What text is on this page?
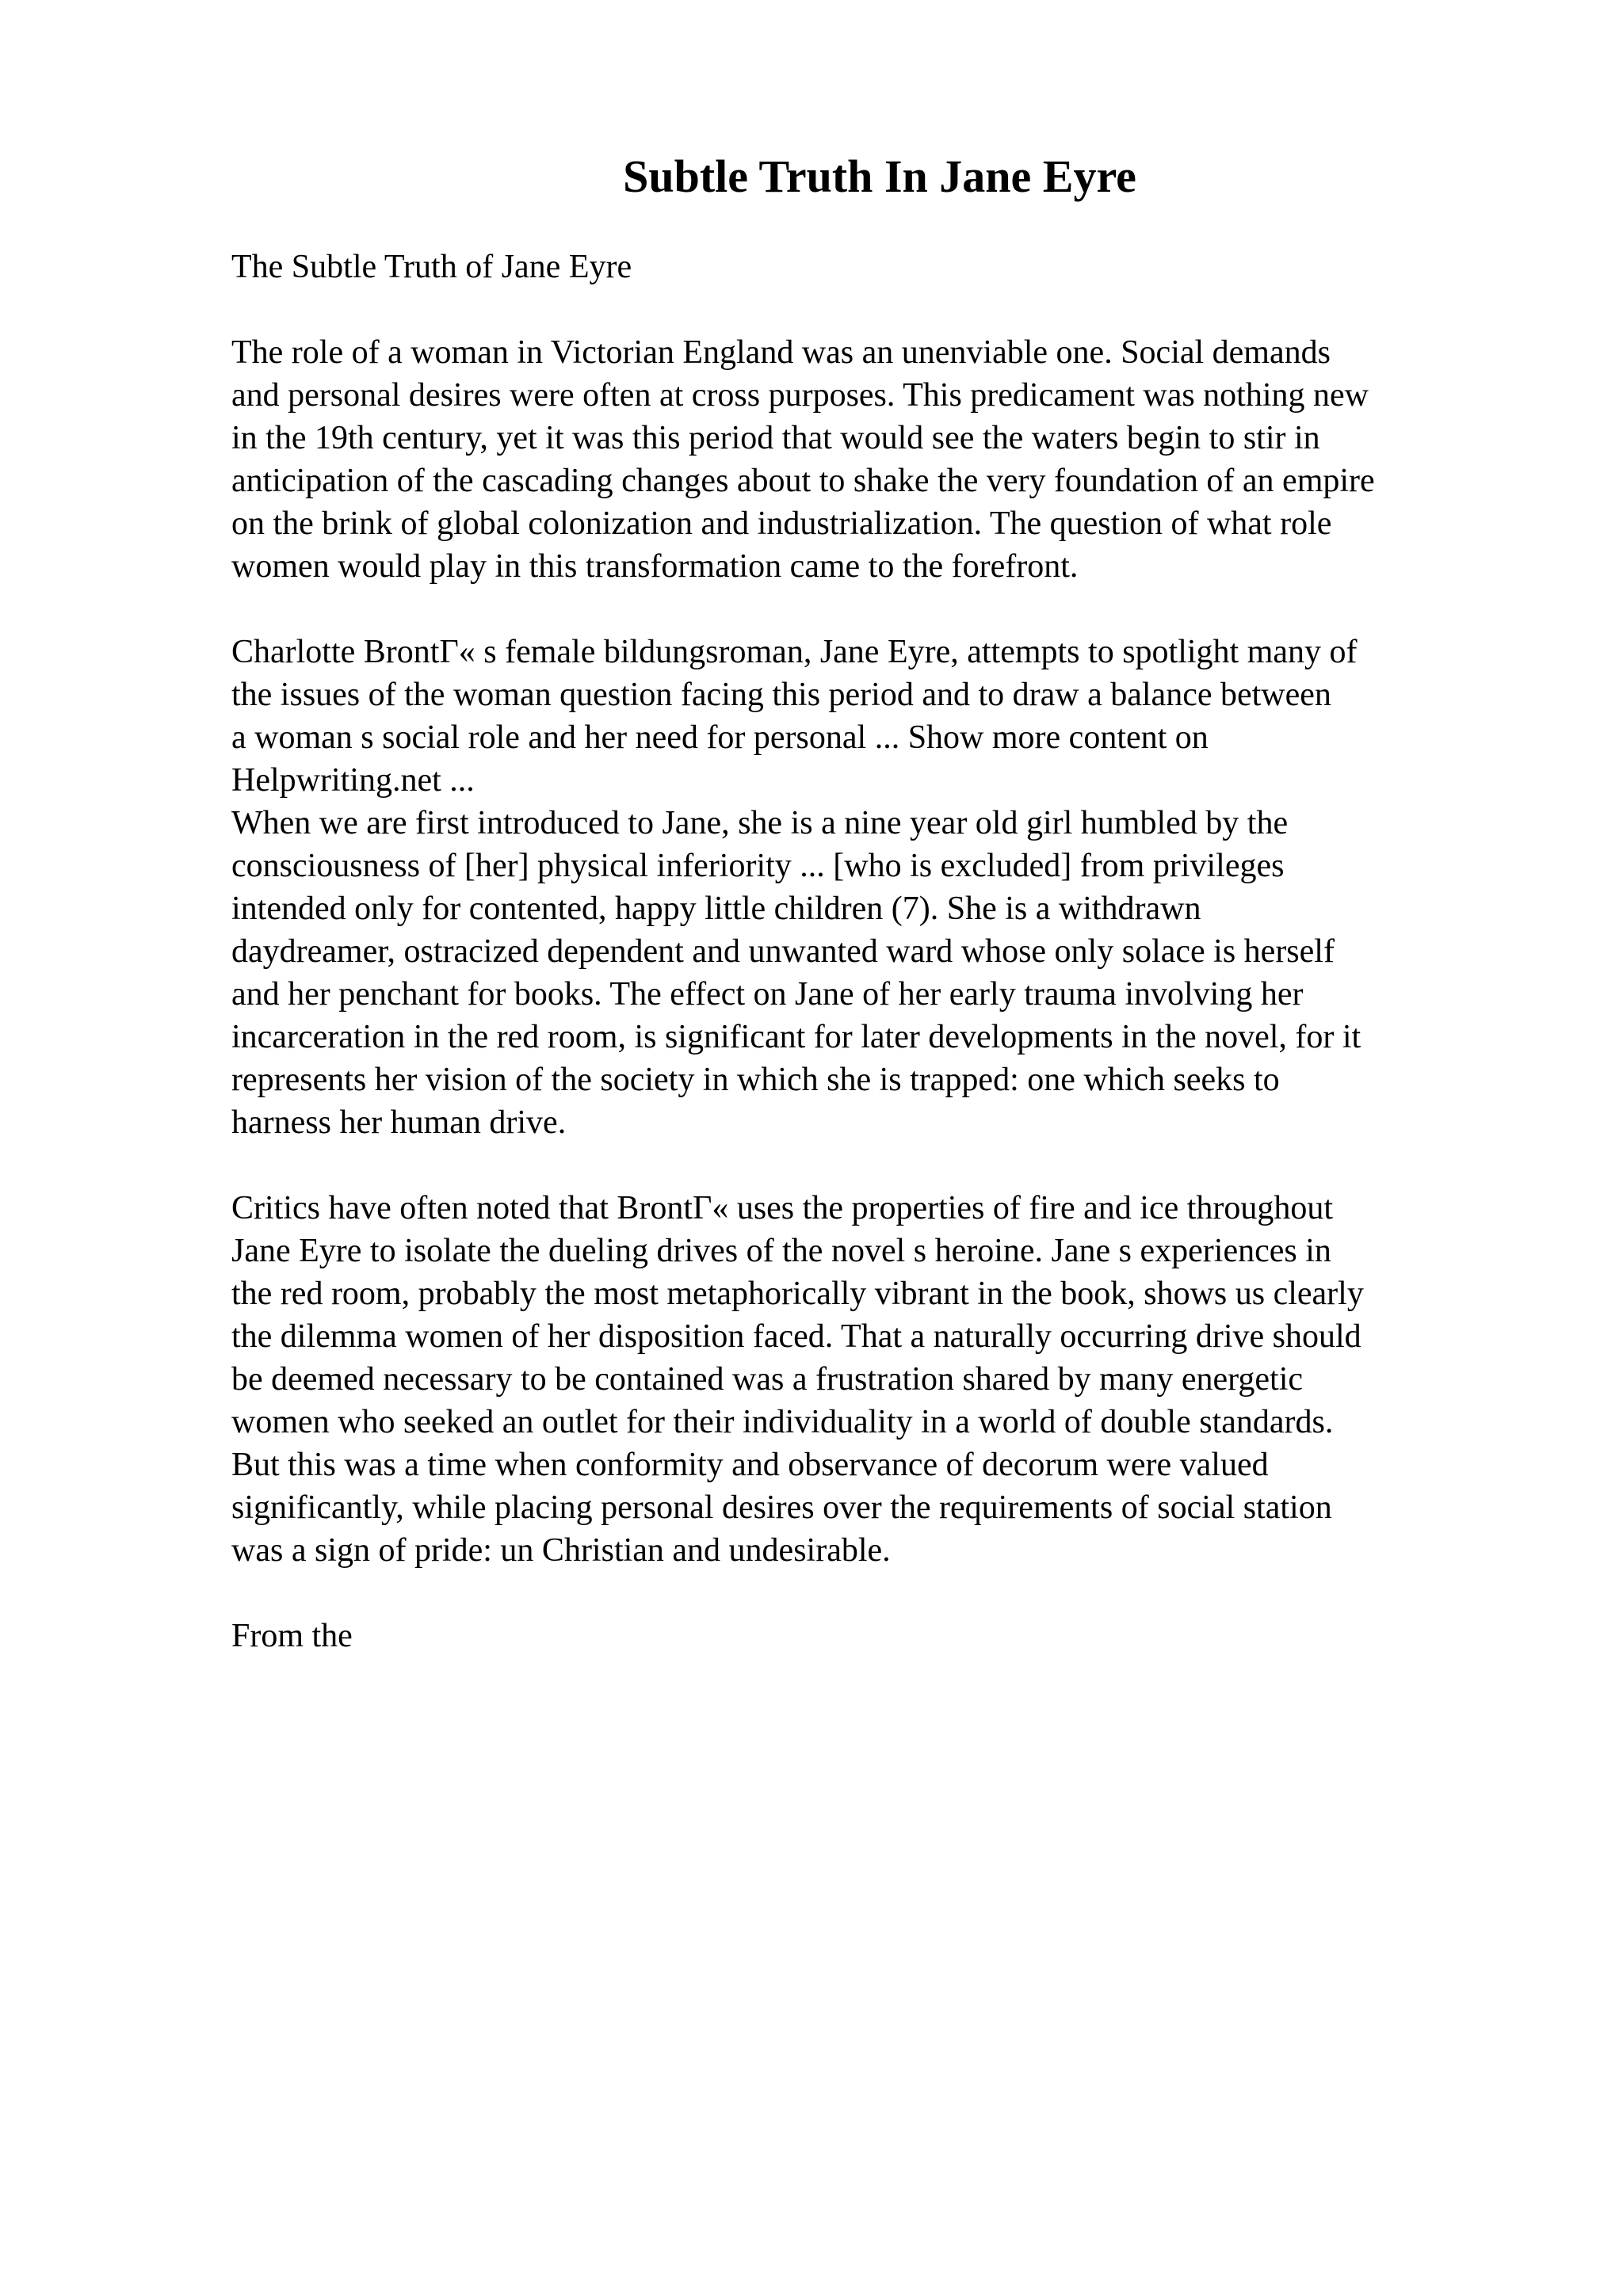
Subtle Truth In Jane Eyre

The Subtle Truth of Jane Eyre

The role of a woman in Victorian England was an unenviable one. Social demands
and personal desires were often at cross purposes. This predicament was nothing new
in the 19th century, yet it was this period that would see the waters begin to stir in
anticipation of the cascading changes about to shake the very foundation of an empire
on the brink of global colonization and industrialization. The question of what role
women would play in this transformation came to the forefront.

Charlotte BrontΓ« s female bildungsroman, Jane Eyre, attempts to spotlight many of
the issues of the woman question facing this period and to draw a balance between
a woman s social role and her need for personal ... Show more content on
Helpwriting.net ...

When we are first introduced to Jane, she is a nine year old girl humbled by the
consciousness of [her] physical inferiority ... [who is excluded] from privileges
intended only for contented, happy little children (7). She is a withdrawn
daydreamer, ostracized dependent and unwanted ward whose only solace is herself
and her penchant for books. The effect on Jane of her early trauma involving her
incarceration in the red room, is significant for later developments in the novel, for it
represents her vision of the society in which she is trapped: one which seeks to
harness her human drive.

Critics have often noted that BrontΓ« uses the properties of fire and ice throughout
Jane Eyre to isolate the dueling drives of the novel s heroine. Jane s experiences in
the red room, probably the most metaphorically vibrant in the book, shows us clearly
the dilemma women of her disposition faced. That a naturally occurring drive should
be deemed necessary to be contained was a frustration shared by many energetic
women who seeked an outlet for their individuality in a world of double standards.
But this was a time when conformity and observance of decorum were valued
significantly, while placing personal desires over the requirements of social station
was a sign of pride: un Christian and undesirable.

From the
